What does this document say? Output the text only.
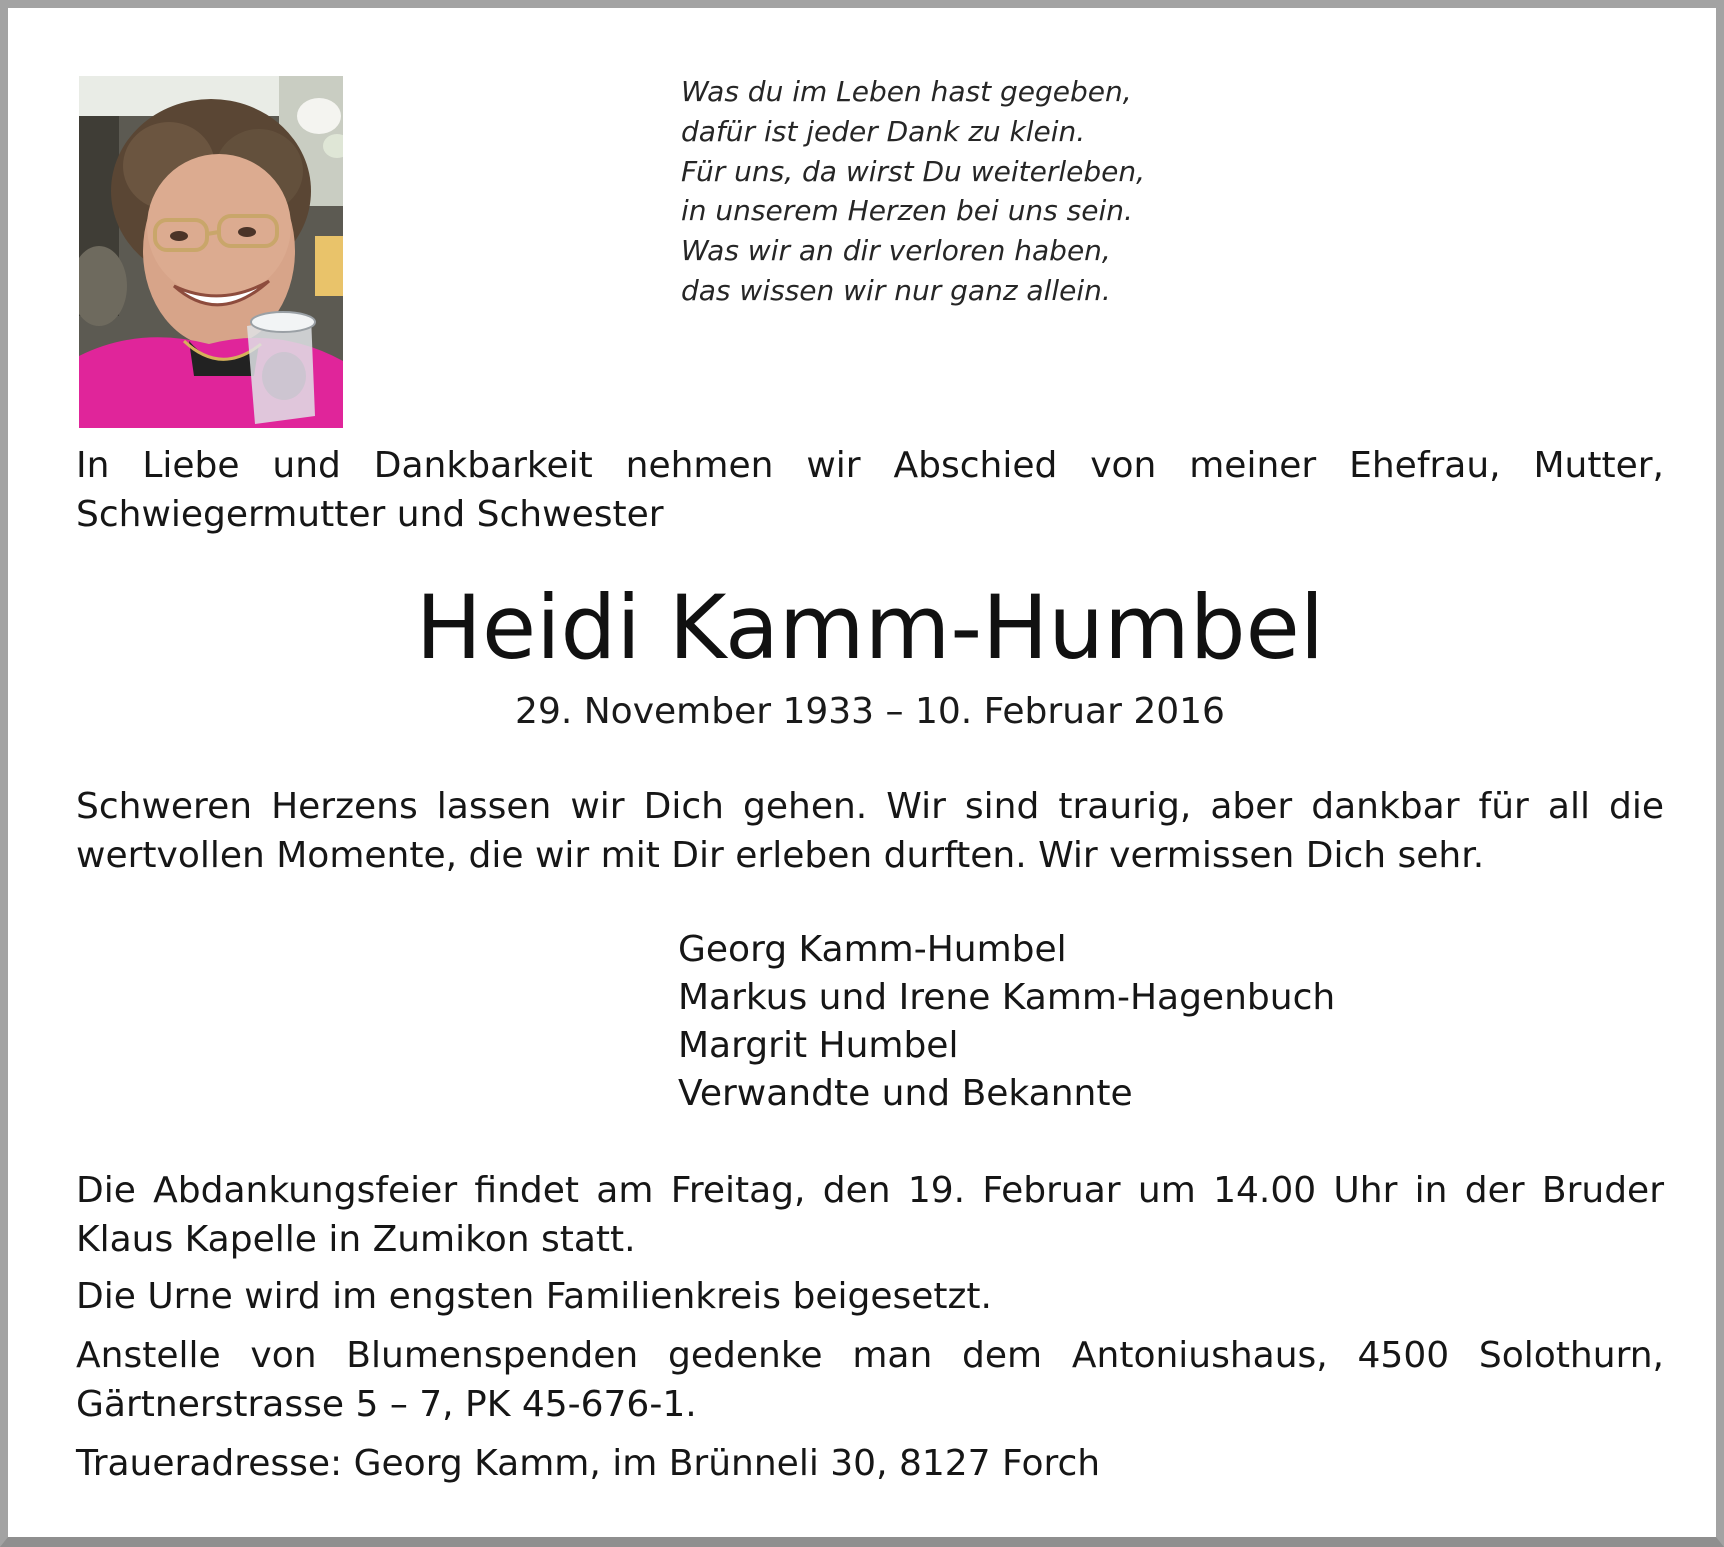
Was du im Leben hast gegeben,
dafür ist jeder Dank zu klein.
Für uns, da wirst Du weiterleben,
in unserem Herzen bei uns sein.
Was wir an dir verloren haben,
das wissen wir nur ganz allein.

In Liebe und Dankbarkeit nehmen wir Abschied von meiner Ehefrau, Mutter, Schwiegermutter und Schwester

Heidi Kamm-Humbel
29. November 1933 – 10. Februar 2016

Schweren Herzens lassen wir Dich gehen. Wir sind traurig, aber dankbar für all die wertvollen Momente, die wir mit Dir erleben durften. Wir vermissen Dich sehr.

Georg Kamm-Humbel
Markus und Irene Kamm-Hagenbuch
Margrit Humbel
Verwandte und Bekannte

Die Abdankungsfeier findet am Freitag, den 19. Februar um 14.00 Uhr in der Bruder Klaus Kapelle in Zumikon statt.

Die Urne wird im engsten Familienkreis beigesetzt.

Anstelle von Blumenspenden gedenke man dem Antoniushaus, 4500 Solothurn, Gärtnerstrasse 5 – 7, PK 45-676-1.

Traueradresse: Georg Kamm, im Brünneli 30, 8127 Forch
